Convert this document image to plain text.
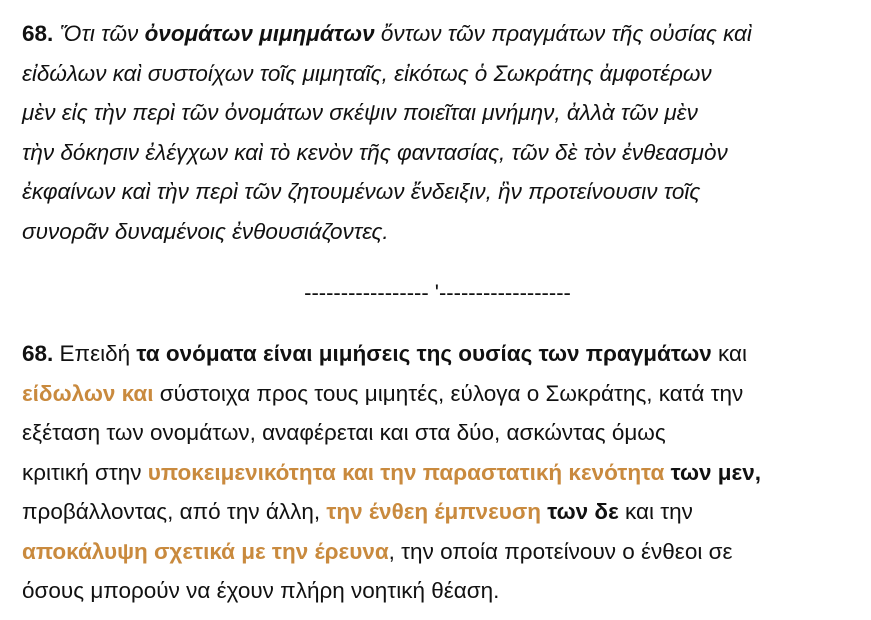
68. Ὅτι τῶν ὀνομάτων μιμημάτων ὄντων τῶν πραγμάτων τῆς οὐσίας καὶ
εἰδώλων καὶ συστοίχων τοῖς μιμηταῖς, εἰκότως ὁ Σωκράτης ἀμφοτέρων
μὲν εἰς τὴν περὶ τῶν ὀνομάτων σκέψιν ποιεῖται μνήμην, ἀλλὰ τῶν μὲν
τὴν δόκησιν ἐλέγχων καὶ τὸ κενὸν τῆς φαντασίας, τῶν δὲ τὸν ἐνθεασμὸν
ἐκφαίνων καὶ τὴν περὶ τῶν ζητουμένων ἔνδειξιν, ἣν προτείνουσιν τοῖς
συνορᾶν δυναμένοις ἐνθουσιάζοντες.

----------------- '------------------

68. Επειδή τα ονόματα είναι μιμήσεις της ουσίας των πραγμάτων και
είδωλων και σύστοιχα προς τους μιμητές, εύλογα ο Σωκράτης, κατά την
εξέταση των ονομάτων, αναφέρεται και στα δύο, ασκώντας όμως
κριτική στην υποκειμενικότητα και την παραστατική κενότητα των μεν,
προβάλλοντας, από την άλλη, την ένθεη έμπνευση των δε και την
αποκάλυψη σχετικά με την έρευνα, την οποία προτείνουν ο ένθεοι σε
όσους μπορούν να έχουν πλήρη νοητική θέαση.
